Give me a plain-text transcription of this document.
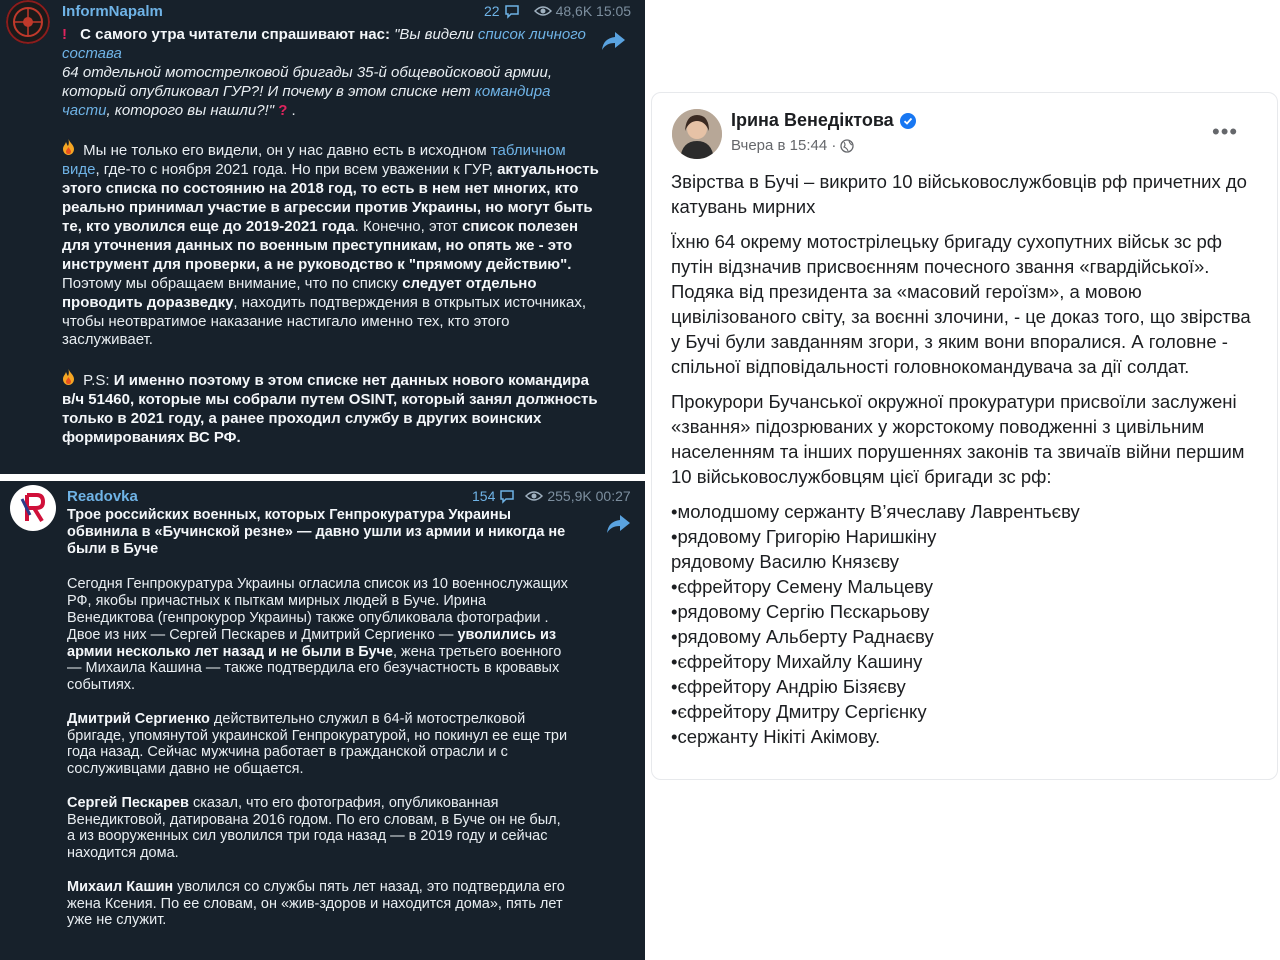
InformNapalm	22	48,6K 15:05

! С самого утра читатели спрашивают нас: "Вы видели список личного состава
64 отдельной мотострелковой бригады 35-й общевойсковой армии, который опубликовал ГУР?! И почему в этом списке нет командира части, которого вы нашли?!" ? .

Мы не только его видели, он у нас давно есть в исходном табличном виде, где-то с ноября 2021 года. Но при всем уважении к ГУР, актуальность этого списка по состоянию на 2018 год, то есть в нем нет многих, кто реально принимал участие в агрессии против Украины, но могут быть те, кто уволился еще до 2019-2021 года. Конечно, этот список полезен для уточнения данных по военным преступникам, но опять же - это инструмент для проверки, а не руководство к "прямому действию". Поэтому мы обращаем внимание, что по списку следует отдельно проводить доразведку, находить подтверждения в открытых источниках, чтобы неотвратимое наказание настигало именно тех, кто этого заслуживает.

P.S: И именно поэтому в этом списке нет данных нового командира в/ч 51460, которые мы собрали путем OSINT, который занял должность только в 2021 году, а ранее проходил службу в других воинских формированиях ВС РФ.

Readovka	154	255,9K 00:27

Трое российских военных, которых Генпрокуратура Украины обвинила в «Бучинской резне» — давно ушли из армии и никогда не были в Буче

Сегодня Генпрокуратура Украины огласила список из 10 военнослужащих РФ, якобы причастных к пыткам мирных людей в Буче. Ирина Венедиктова (генпрокурор Украины) также опубликовала фотографии . Двое из них — Сергей Пескарев и Дмитрий Сергиенко — уволились из армии несколько лет назад и не были в Буче, жена третьего военного — Михаила Кашина — также подтвердила его безучастность в кровавых событиях.

Дмитрий Сергиенко действительно служил в 64-й мотострелковой бригаде, упомянутой украинской Генпрокуратурой, но покинул ее еще три года назад. Сейчас мужчина работает в гражданской отрасли и с сослуживцами давно не общается.

Сергей Пескарев сказал, что его фотография, опубликованная Венедиктовой, датирована 2016 годом. По его словам, в Буче он не был, а из вооруженных сил уволился три года назад — в 2019 году и сейчас находится дома.

Михаил Кашин уволился со службы пять лет назад, это подтвердила его жена Ксения. По ее словам, он «жив-здоров и находится дома», пять лет уже не служит.

Ірина Венедіктова
Вчера в 15:44 ·
•••

Звірства в Бучі – викрито 10 військовослужбовців рф причетних до катувань мирних

Їхню 64 окрему мотострілецьку бригаду сухопутних військ зс рф путін відзначив присвоєнням почесного звання «гвардійської». Подяка від президента за «масовий героїзм», а мовою цивілізованого світу, за воєнні злочини, - це доказ того, що звірства у Бучі були завданням згори, з яким вони впоралися. А головне - спільної відповідальності головнокомандувача за дії солдат.

Прокурори Бучанської окружної прокуратури присвоїли заслужені «звання» підозрюваних у жорстокому поводженні з цивільним населенням та інших порушеннях законів та звичаїв війни першим 10 військовослужбовцям цієї бригади зс рф:

•молодшому сержанту В’ячеславу Лаврентьєву
•рядовому Григорію Наришкіну
рядовому Василю Князєву
•єфрейтору Семену Мальцеву
•рядовому Сергію Пєскарьову
•рядовому Альберту Раднаєву
•єфрейтору Михайлу Кашину
•єфрейтору Андрію Бізяєву
•єфрейтору Дмитру Сергієнку
•сержанту Нікіті Акімову.
